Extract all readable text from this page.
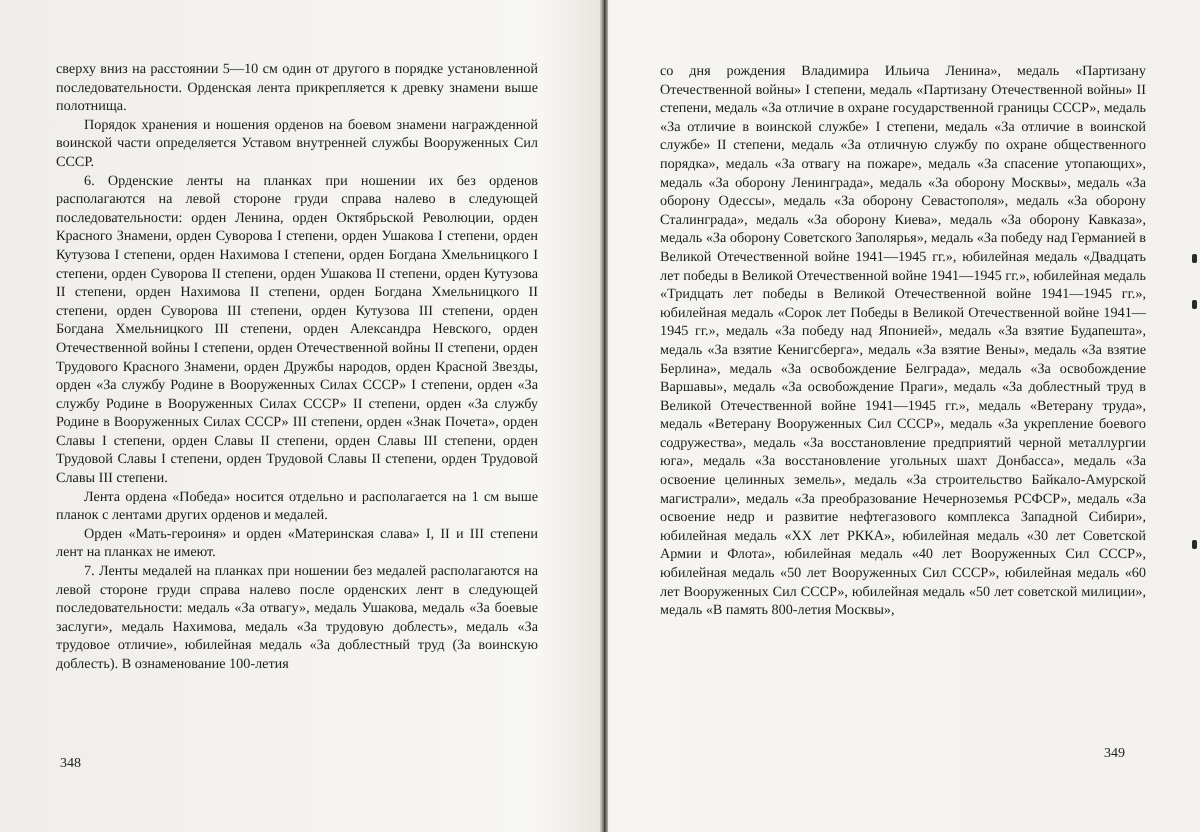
сверху вниз на расстоянии 5—10 см один от другого в порядке установленной последовательности. Орденская лента прикрепляется к древку знамени выше полотнища.

Порядок хранения и ношения орденов на боевом знамени награжденной воинской части определяется Уставом внутренней службы Вооруженных Сил СССР.

6. Орденские ленты на планках при ношении их без орденов располагаются на левой стороне груди справа налево в следующей последовательности: орден Ленина, орден Октябрьской Революции, орден Красного Знамени, орден Суворова I степени, орден Ушакова I степени, орден Кутузова I степени, орден Нахимова I степени, орден Богдана Хмельницкого I степени, орден Суворова II степени, орден Ушакова II степени, орден Кутузова II степени, орден Нахимова II степени, орден Богдана Хмельницкого II степени, орден Суворова III степени, орден Кутузова III степени, орден Богдана Хмельницкого III степени, орден Александра Невского, орден Отечественной войны I степени, орден Отечественной войны II степени, орден Трудового Красного Знамени, орден Дружбы народов, орден Красной Звезды, орден «За службу Родине в Вооруженных Силах СССР» I степени, орден «За службу Родине в Вооруженных Силах СССР» II степени, орден «За службу Родине в Вооруженных Силах СССР» III степени, орден «Знак Почета», орден Славы I степени, орден Славы II степени, орден Славы III степени, орден Трудовой Славы I степени, орден Трудовой Славы II степени, орден Трудовой Славы III степени.

Лента ордена «Победа» носится отдельно и располагается на 1 см выше планок с лентами других орденов и медалей.

Орден «Мать-героиня» и орден «Материнская слава» I, II и III степени лент на планках не имеют.

7. Ленты медалей на планках при ношении без медалей располагаются на левой стороне груди справа налево после орденских лент в следующей последовательности: медаль «За отвагу», медаль Ушакова, медаль «За боевые заслуги», медаль Нахимова, медаль «За трудовую доблесть», медаль «За трудовое отличие», юбилейная медаль «За доблестный труд (За воинскую доблесть). В ознаменование 100-летия

348

со дня рождения Владимира Ильича Ленина», медаль «Партизану Отечественной войны» I степени, медаль «Партизану Отечественной войны» II степени, медаль «За отличие в охране государственной границы СССР», медаль «За отличие в воинской службе» I степени, медаль «За отличие в воинской службе» II степени, медаль «За отличную службу по охране общественного порядка», медаль «За отвагу на пожаре», медаль «За спасение утопающих», медаль «За оборону Ленинграда», медаль «За оборону Москвы», медаль «За оборону Одессы», медаль «За оборону Севастополя», медаль «За оборону Сталинграда», медаль «За оборону Киева», медаль «За оборону Кавказа», медаль «За оборону Советского Заполярья», медаль «За победу над Германией в Великой Отечественной войне 1941—1945 гг.», юбилейная медаль «Двадцать лет победы в Великой Отечественной войне 1941—1945 гг.», юбилейная медаль «Тридцать лет победы в Великой Отечественной войне 1941—1945 гг.», юбилейная медаль «Сорок лет Победы в Великой Отечественной войне 1941—1945 гг.», медаль «За победу над Японией», медаль «За взятие Будапешта», медаль «За взятие Кенигсберга», медаль «За взятие Вены», медаль «За взятие Берлина», медаль «За освобождение Белграда», медаль «За освобождение Варшавы», медаль «За освобождение Праги», медаль «За доблестный труд в Великой Отечественной войне 1941—1945 гг.», медаль «Ветерану труда», медаль «Ветерану Вооруженных Сил СССР», медаль «За укрепление боевого содружества», медаль «За восстановление предприятий черной металлургии юга», медаль «За восстановление угольных шахт Донбасса», медаль «За освоение целинных земель», медаль «За строительство Байкало-Амурской магистрали», медаль «За преобразование Нечерноземья РСФСР», медаль «За освоение недр и развитие нефтегазового комплекса Западной Сибири», юбилейная медаль «XX лет РККА», юбилейная медаль «30 лет Советской Армии и Флота», юбилейная медаль «40 лет Вооруженных Сил СССР», юбилейная медаль «50 лет Вооруженных Сил СССР», юбилейная медаль «60 лет Вооруженных Сил СССР», юбилейная медаль «50 лет советской милиции», медаль «В память 800-летия Москвы»,

349
